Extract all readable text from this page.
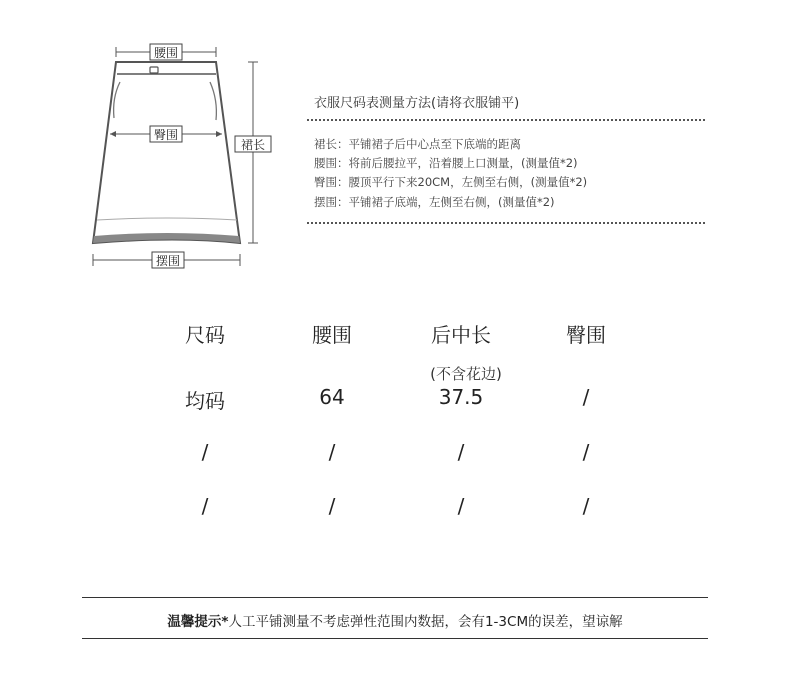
腰围
臀围
裙长
摆围
衣服尺码表测量方法(请将衣服铺平)
裙长：平铺裙子后中心点至下底端的距离
腰围：将前后腰拉平，沿着腰上口测量，(测量值*2)
臀围：腰顶平行下来20CM，左侧至右侧，(测量值*2)
摆围：平铺裙子底端，左侧至右侧，(测量值*2)
尺码	腰围	后中长	臀围
(不含花边)
均码	64	37.5	/
/	/	/	/
/	/	/	/
温馨提示*人工平铺测量不考虑弹性范围内数据，会有1-3CM的误差，望谅解
